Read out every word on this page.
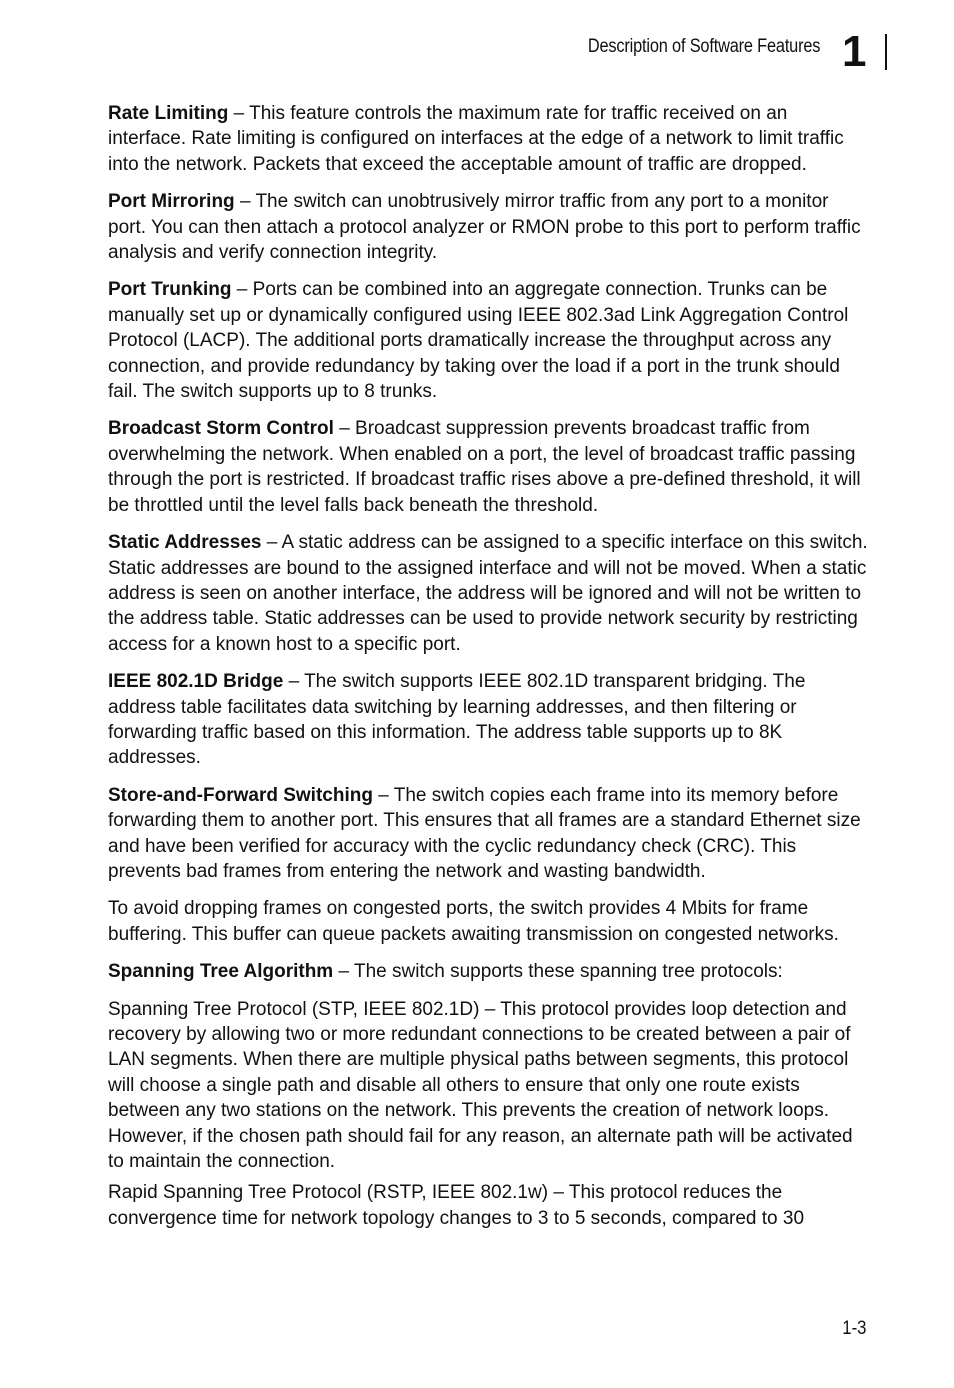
Description of Software Features 1

Rate Limiting – This feature controls the maximum rate for traffic received on an interface. Rate limiting is configured on interfaces at the edge of a network to limit traffic into the network. Packets that exceed the acceptable amount of traffic are dropped.

Port Mirroring – The switch can unobtrusively mirror traffic from any port to a monitor port. You can then attach a protocol analyzer or RMON probe to this port to perform traffic analysis and verify connection integrity.

Port Trunking – Ports can be combined into an aggregate connection. Trunks can be manually set up or dynamically configured using IEEE 802.3ad Link Aggregation Control Protocol (LACP). The additional ports dramatically increase the throughput across any connection, and provide redundancy by taking over the load if a port in the trunk should fail. The switch supports up to 8 trunks.

Broadcast Storm Control – Broadcast suppression prevents broadcast traffic from overwhelming the network. When enabled on a port, the level of broadcast traffic passing through the port is restricted. If broadcast traffic rises above a pre-defined threshold, it will be throttled until the level falls back beneath the threshold.

Static Addresses – A static address can be assigned to a specific interface on this switch. Static addresses are bound to the assigned interface and will not be moved. When a static address is seen on another interface, the address will be ignored and will not be written to the address table. Static addresses can be used to provide network security by restricting access for a known host to a specific port.

IEEE 802.1D Bridge – The switch supports IEEE 802.1D transparent bridging. The address table facilitates data switching by learning addresses, and then filtering or forwarding traffic based on this information. The address table supports up to 8K addresses.

Store-and-Forward Switching – The switch copies each frame into its memory before forwarding them to another port. This ensures that all frames are a standard Ethernet size and have been verified for accuracy with the cyclic redundancy check (CRC). This prevents bad frames from entering the network and wasting bandwidth.

To avoid dropping frames on congested ports, the switch provides 4 Mbits for frame buffering. This buffer can queue packets awaiting transmission on congested networks.

Spanning Tree Algorithm – The switch supports these spanning tree protocols:

Spanning Tree Protocol (STP, IEEE 802.1D) – This protocol provides loop detection and recovery by allowing two or more redundant connections to be created between a pair of LAN segments. When there are multiple physical paths between segments, this protocol will choose a single path and disable all others to ensure that only one route exists between any two stations on the network. This prevents the creation of network loops. However, if the chosen path should fail for any reason, an alternate path will be activated to maintain the connection.

Rapid Spanning Tree Protocol (RSTP, IEEE 802.1w) – This protocol reduces the convergence time for network topology changes to 3 to 5 seconds, compared to 30

1-3
